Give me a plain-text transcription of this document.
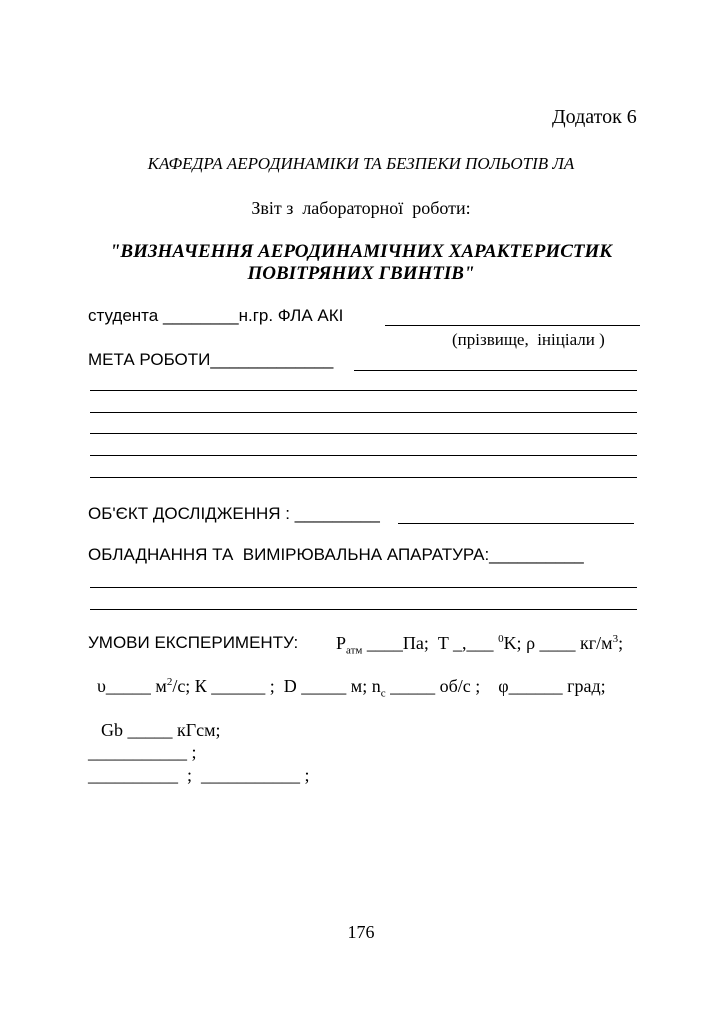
Додаток 6
КАФЕДРА АЕРОДИНАМІКИ ТА БЕЗПЕКИ ПОЛЬОТІВ ЛА
Звіт з  лабораторної  роботи:
"ВИЗНАЧЕННЯ АЕРОДИНАМІЧНИХ ХАРАКТЕРИСТИК
ПОВІТРЯНИХ ГВИНТІВ"
студента ________н.гр. ФЛА АКІ
(прізвище,  ініціали )
МЕТА РОБОТИ_____________
ОБ'ЄКТ ДОСЛІДЖЕННЯ : _________
ОБЛАДНАННЯ ТА  ВИМІРЮВАЛЬНА АПАРАТУРА:__________
УМОВИ ЕКСПЕРИМЕНТУ: $P_{атм}$ ____Па;  T _,___ $^0$K; ρ ____ $кг/м^3$;
υ_____ $м^2/с$; К ______ ;  D _____ м; $n_c$ _____ об/с ;    φ______ град;
Gb _____ кГсм;
___________ ;
__________  ;  ___________ ;
176
